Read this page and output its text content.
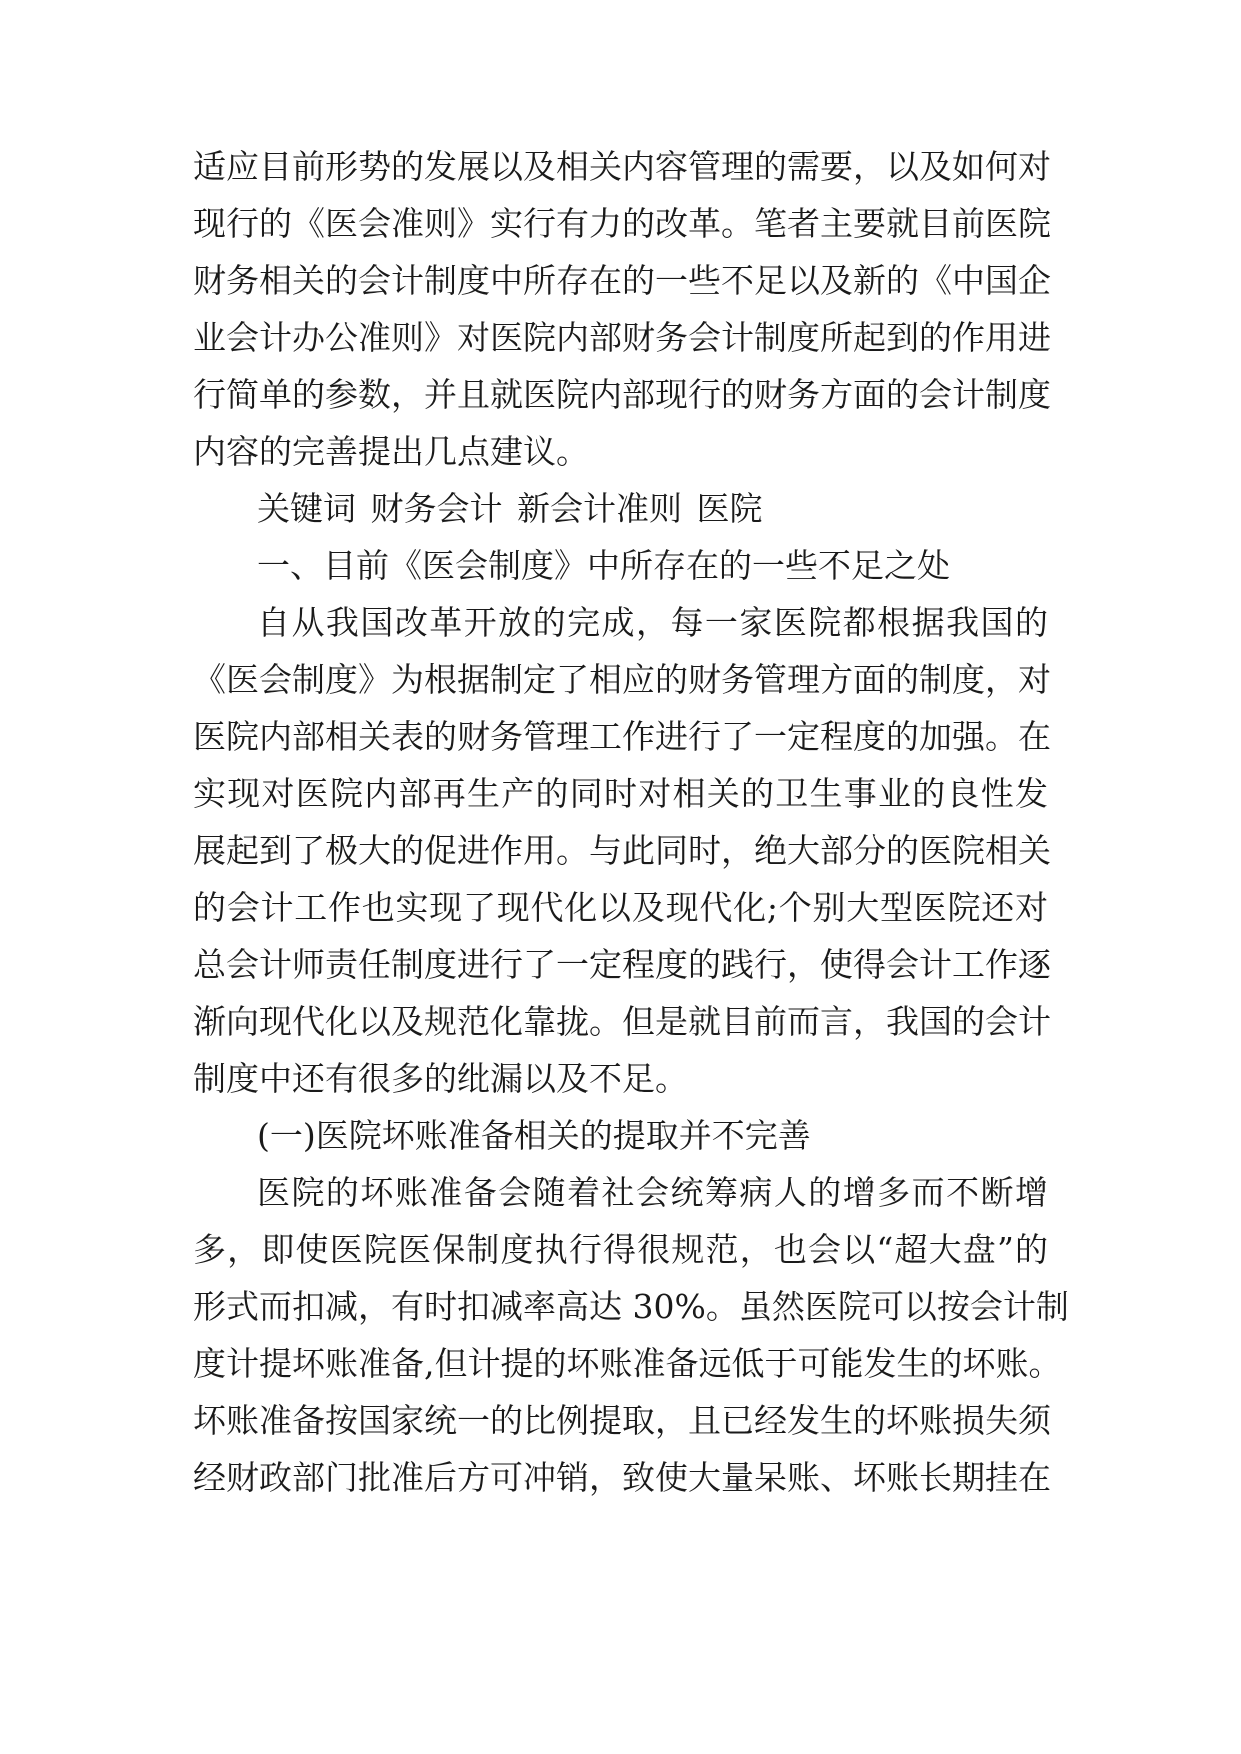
适应目前形势的发展以及相关内容管理的需要，以及如何对
现行的《医会准则》实行有力的改革。笔者主要就目前医院
财务相关的会计制度中所存在的一些不足以及新的《中国企
业会计办公准则》对医院内部财务会计制度所起到的作用进
行简单的参数，并且就医院内部现行的财务方面的会计制度
内容的完善提出几点建议。
关键词 财务会计 新会计准则 医院
一、目前《医会制度》中所存在的一些不足之处
自从我国改革开放的完成，每一家医院都根据我国的
《医会制度》为根据制定了相应的财务管理方面的制度，对
医院内部相关表的财务管理工作进行了一定程度的加强。在
实现对医院内部再生产的同时对相关的卫生事业的良性发
展起到了极大的促进作用。与此同时，绝大部分的医院相关
的会计工作也实现了现代化以及现代化;个别大型医院还对
总会计师责任制度进行了一定程度的践行，使得会计工作逐
渐向现代化以及规范化靠拢。但是就目前而言，我国的会计
制度中还有很多的纰漏以及不足。
(一)医院坏账准备相关的提取并不完善
医院的坏账准备会随着社会统筹病人的增多而不断增
多，即使医院医保制度执行得很规范，也会以“超大盘”的
形式而扣减，有时扣减率高达 30%。虽然医院可以按会计制
度计提坏账准备,但计提的坏账准备远低于可能发生的坏账。
坏账准备按国家统一的比例提取，且已经发生的坏账损失须
经财政部门批准后方可冲销，致使大量呆账、坏账长期挂在
